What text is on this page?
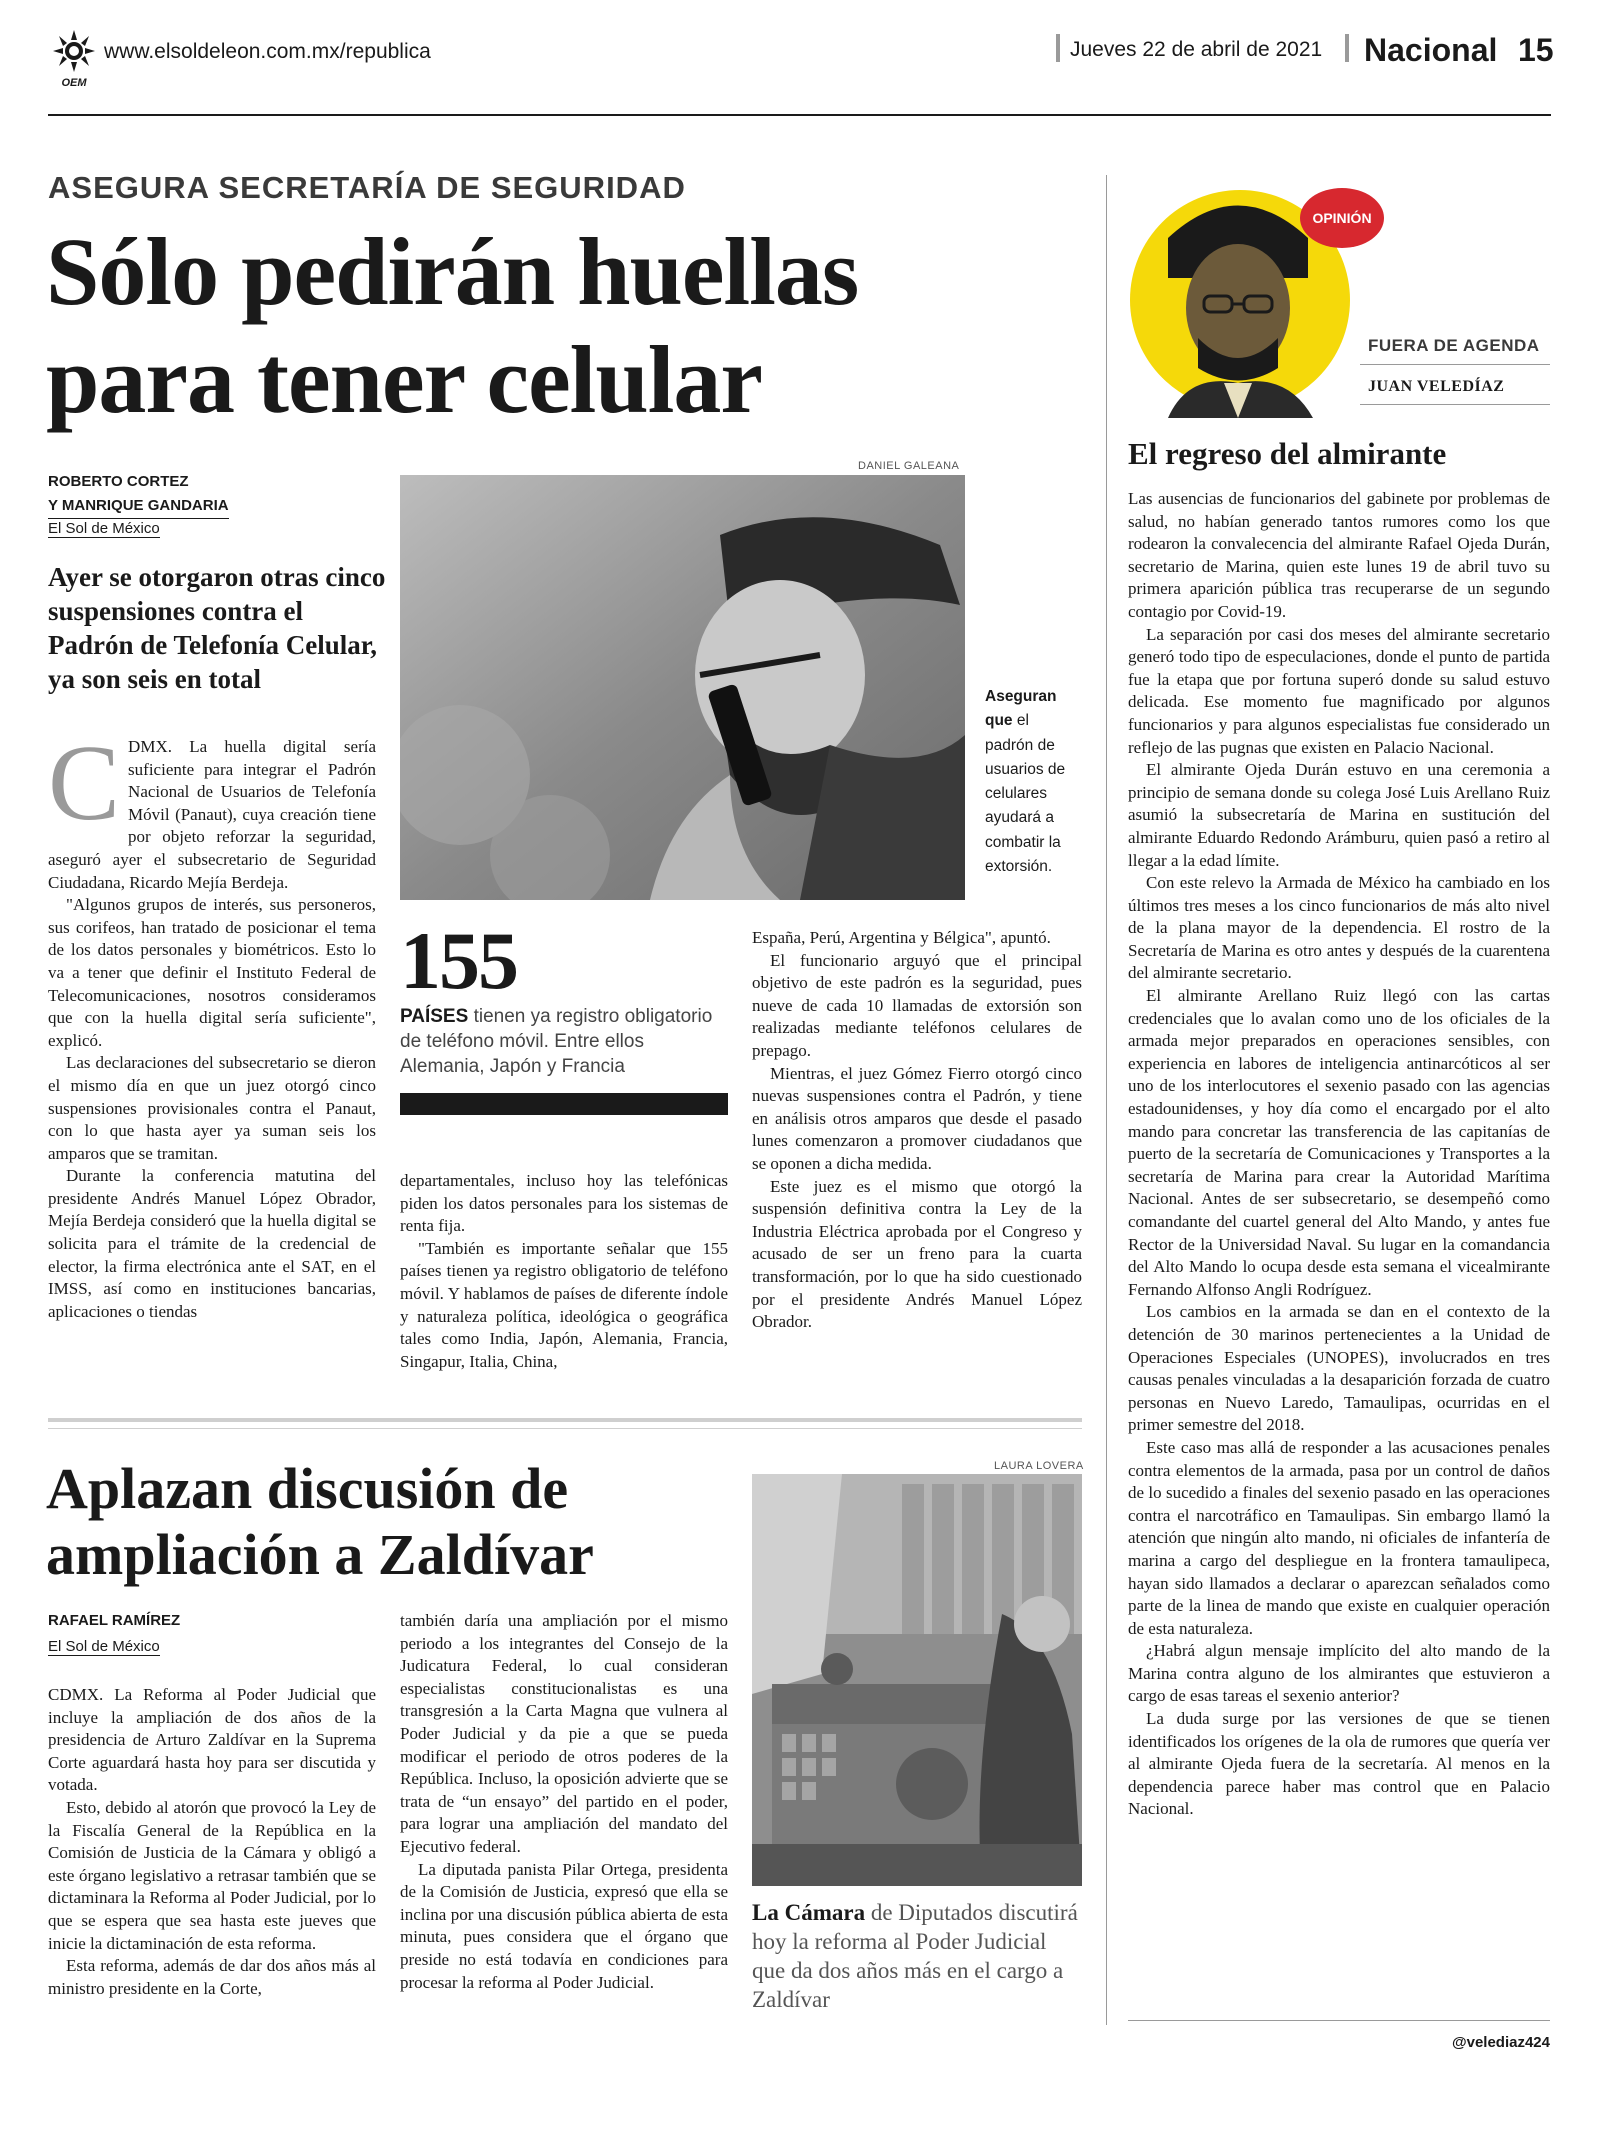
OEM
www.elsoldeleon.com.mx/republica	Jueves 22 de abril de 2021 Nacional 15
ASEGURA SECRETARÍA DE SEGURIDAD
Sólo pedirán huellas
para tener celular
ROBERTO CORTEZ
Y MANRIQUE GANDARIA
El Sol de México
Ayer se otorgaron otras cinco suspensiones contra el Padrón de Telefonía Celular, ya son seis en total
DANIEL GALEANA
Aseguran que el padrón de usuarios de celulares ayudará a combatir la extorsión.

CDMX. La huella digital sería suficiente para integrar el Padrón Nacional de Usuarios de Telefonía Móvil (Panaut), cuya creación tiene por objeto reforzar la seguridad, aseguró ayer el subsecretario de Seguridad Ciudadana, Ricardo Mejía Berdeja.

"Algunos grupos de interés, sus personeros, sus corifeos, han tratado de posicionar el tema de los datos personales y biométricos. Esto lo va a tener que definir el Instituto Federal de Telecomunicaciones, nosotros consideramos que con la huella digital sería suficiente", explicó.

Las declaraciones del subsecretario se dieron el mismo día en que un juez otorgó cinco suspensiones provisionales contra el Panaut, con lo que hasta ayer ya suman seis los amparos que se tramitan.

Durante la conferencia matutina del presidente Andrés Manuel López Obrador, Mejía Berdeja consideró que la huella digital se solicita para el trámite de la credencial de elector, la firma electrónica ante el SAT, en el IMSS, así como en instituciones bancarias, aplicaciones o tiendas

155
PAÍSES tienen ya registro obligatorio de teléfono móvil. Entre ellos Alemania, Japón y Francia

departamentales, incluso hoy las telefónicas piden los datos personales para los sistemas de renta fija.

"También es importante señalar que 155 países tienen ya registro obligatorio de teléfono móvil. Y hablamos de países de diferente índole y naturaleza política, ideológica o geográfica tales como India, Japón, Alemania, Francia, Singapur, Italia, China,

España, Perú, Argentina y Bélgica", apuntó.

El funcionario arguyó que el principal objetivo de este padrón es la seguridad, pues nueve de cada 10 llamadas de extorsión son realizadas mediante teléfonos celulares de prepago.

Mientras, el juez Gómez Fierro otorgó cinco nuevas suspensiones contra el Padrón, y tiene en análisis otros amparos que desde el pasado lunes comenzaron a promover ciudadanos que se oponen a dicha medida.

Este juez es el mismo que otorgó la suspensión definitiva contra la Ley de la Industria Eléctrica aprobada por el Congreso y acusado de ser un freno para la cuarta transformación, por lo que ha sido cuestionado por el presidente Andrés Manuel López Obrador.

Aplazan discusión de
ampliación a Zaldívar
RAFAEL RAMÍREZ
El Sol de México

CDMX. La Reforma al Poder Judicial que incluye la ampliación de dos años de la presidencia de Arturo Zaldívar en la Suprema Corte aguardará hasta hoy para ser discutida y votada.

Esto, debido al atorón que provocó la Ley de la Fiscalía General de la República en la Comisión de Justicia de la Cámara y obligó a este órgano legislativo a retrasar también que se dictaminara la Reforma al Poder Judicial, por lo que se espera que sea hasta este jueves que inicie la dictaminación de esta reforma.

Esta reforma, además de dar dos años más al ministro presidente en la Corte,

también daría una ampliación por el mismo periodo a los integrantes del Consejo de la Judicatura Federal, lo cual consideran especialistas constitucionalistas es una transgresión a la Carta Magna que vulnera al Poder Judicial y da pie a que se pueda modificar el periodo de otros poderes de la República. Incluso, la oposición advierte que se trata de “un ensayo” del partido en el poder, para lograr una ampliación del mandato del Ejecutivo federal.

La diputada panista Pilar Ortega, presidenta de la Comisión de Justicia, expresó que ella se inclina por una discusión pública abierta de esta minuta, pues considera que el órgano que preside no está todavía en condiciones para procesar la reforma al Poder Judicial.

LAURA LOVERA
La Cámara de Diputados discutirá hoy la reforma al Poder Judicial que da dos años más en el cargo a Zaldívar
OPINIÓN
FUERA DE AGENDA
JUAN VELEDÍAZ
El regreso del almirante

Las ausencias de funcionarios del gabinete por problemas de salud, no habían generado tantos rumores como los que rodearon la convalecencia del almirante Rafael Ojeda Durán, secretario de Marina, quien este lunes 19 de abril tuvo su primera aparición pública tras recuperarse de un segundo contagio por Covid-19.

La separación por casi dos meses del almirante secretario generó todo tipo de especulaciones, donde el punto de partida fue la etapa que por fortuna superó donde su salud estuvo delicada. Ese momento fue magnificado por algunos funcionarios y para algunos especialistas fue considerado un reflejo de las pugnas que existen en Palacio Nacional.

El almirante Ojeda Durán estuvo en una ceremonia a principio de semana donde su colega José Luis Arellano Ruiz asumió la subsecretaría de Marina en sustitución del almirante Eduardo Redondo Arámburu, quien pasó a retiro al llegar a la edad límite.

Con este relevo la Armada de México ha cambiado en los últimos tres meses a los cinco funcionarios de más alto nivel de la plana mayor de la dependencia. El rostro de la Secretaría de Marina es otro antes y después de la cuarentena del almirante secretario.

El almirante Arellano Ruiz llegó con las cartas credenciales que lo avalan como uno de los oficiales de la armada mejor preparados en operaciones sensibles, con experiencia en labores de inteligencia antinarcóticos al ser uno de los interlocutores el sexenio pasado con las agencias estadounidenses, y hoy día como el encargado por el alto mando para concretar las transferencia de las capitanías de puerto de la secretaría de Comunicaciones y Transportes a la secretaría de Marina para crear la Autoridad Marítima Nacional. Antes de ser subsecretario, se desempeñó como comandante del cuartel general del Alto Mando, y antes fue Rector de la Universidad Naval. Su lugar en la comandancia del Alto Mando lo ocupa desde esta semana el vicealmirante Fernando Alfonso Angli Rodríguez.

Los cambios en la armada se dan en el contexto de la detención de 30 marinos pertenecientes a la Unidad de Operaciones Especiales (UNOPES), involucrados en tres causas penales vinculadas a la desaparición forzada de cuatro personas en Nuevo Laredo, Tamaulipas, ocurridas en el primer semestre del 2018.

Este caso mas allá de responder a las acusaciones penales contra elementos de la armada, pasa por un control de daños de lo sucedido a finales del sexenio pasado en las operaciones contra el narcotráfico en Tamaulipas. Sin embargo llamó la atención que ningún alto mando, ni oficiales de infantería de marina a cargo del despliegue en la frontera tamaulipeca, hayan sido llamados a declarar o aparezcan señalados como parte de la linea de mando que existe en cualquier operación de esta naturaleza.

¿Habrá algun mensaje implícito del alto mando de la Marina contra alguno de los almirantes que estuvieron a cargo de esas tareas el sexenio anterior?

La duda surge por las versiones de que se tienen identificados los orígenes de la ola de rumores que quería ver al almirante Ojeda fuera de la secretaría. Al menos en la dependencia parece haber mas control que en Palacio Nacional.

@velediaz424
